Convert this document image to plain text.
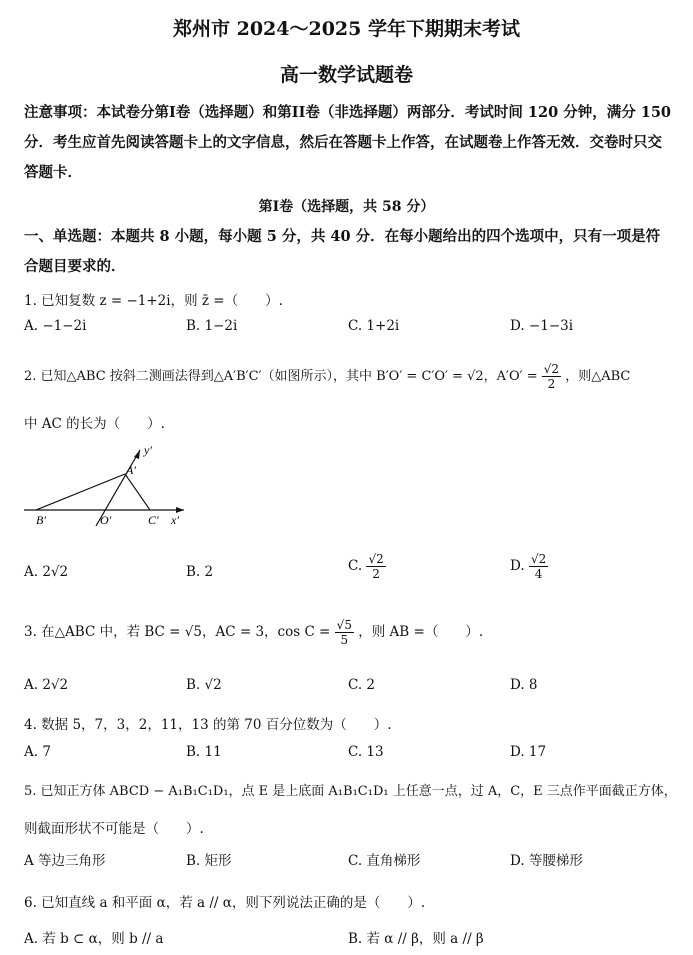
郑州市 2024～2025 学年下期期末考试
高一数学试题卷
注意事项：本试卷分第I卷（选择题）和第II卷（非选择题）两部分．考试时间 120 分钟，满分 150 分．考生应首先阅读答题卡上的文字信息，然后在答题卡上作答，在试题卷上作答无效．交卷时只交答题卡．
第I卷（选择题，共 58 分）
一、单选题：本题共 8 小题，每小题 5 分，共 40 分．在每小题给出的四个选项中，只有一项是符合题目要求的．
1. 已知复数 z = −1+2i，则 z̄ =（　　）.
A. −1−2i	B. 1−2i	C. 1+2i	D. −1−3i
2. 已知△ABC 按斜二测画法得到△A′B′C′（如图所示），其中 B′O′ = C′O′ = √2，$A'O' = \frac{√2}{2}$ ，则△ABC
中 AC 的长为（　　）.
y′
A′
B′	O′	C′ x′
A. 2√2	B. 2	C. $\frac{√2}{2}$	D. $\frac{√2}{4}$
3. 在△ABC 中，若 BC = √5，AC = 3，$\cos C = \frac{√5}{5}$ ，则 AB =（　　）.
A. 2√2	B. √2	C. 2	D. 8
4. 数据 5，7，3，2，11，13 的第 70 百分位数为（　　）.
A. 7	B. 11	C. 13	D. 17
5. 已知正方体 ABCD − A₁B₁C₁D₁，点 E 是上底面 A₁B₁C₁D₁ 上任意一点，过 A，C，E 三点作平面截正方体，
则截面形状不可能是（　　）.
A 等边三角形	B. 矩形	C. 直角梯形	D. 等腰梯形
6. 已知直线 a 和平面 α，若 a // α，则下列说法正确的是（　　）.
A. 若 b ⊂ α，则 b // a	B. 若 α // β，则 a // β
